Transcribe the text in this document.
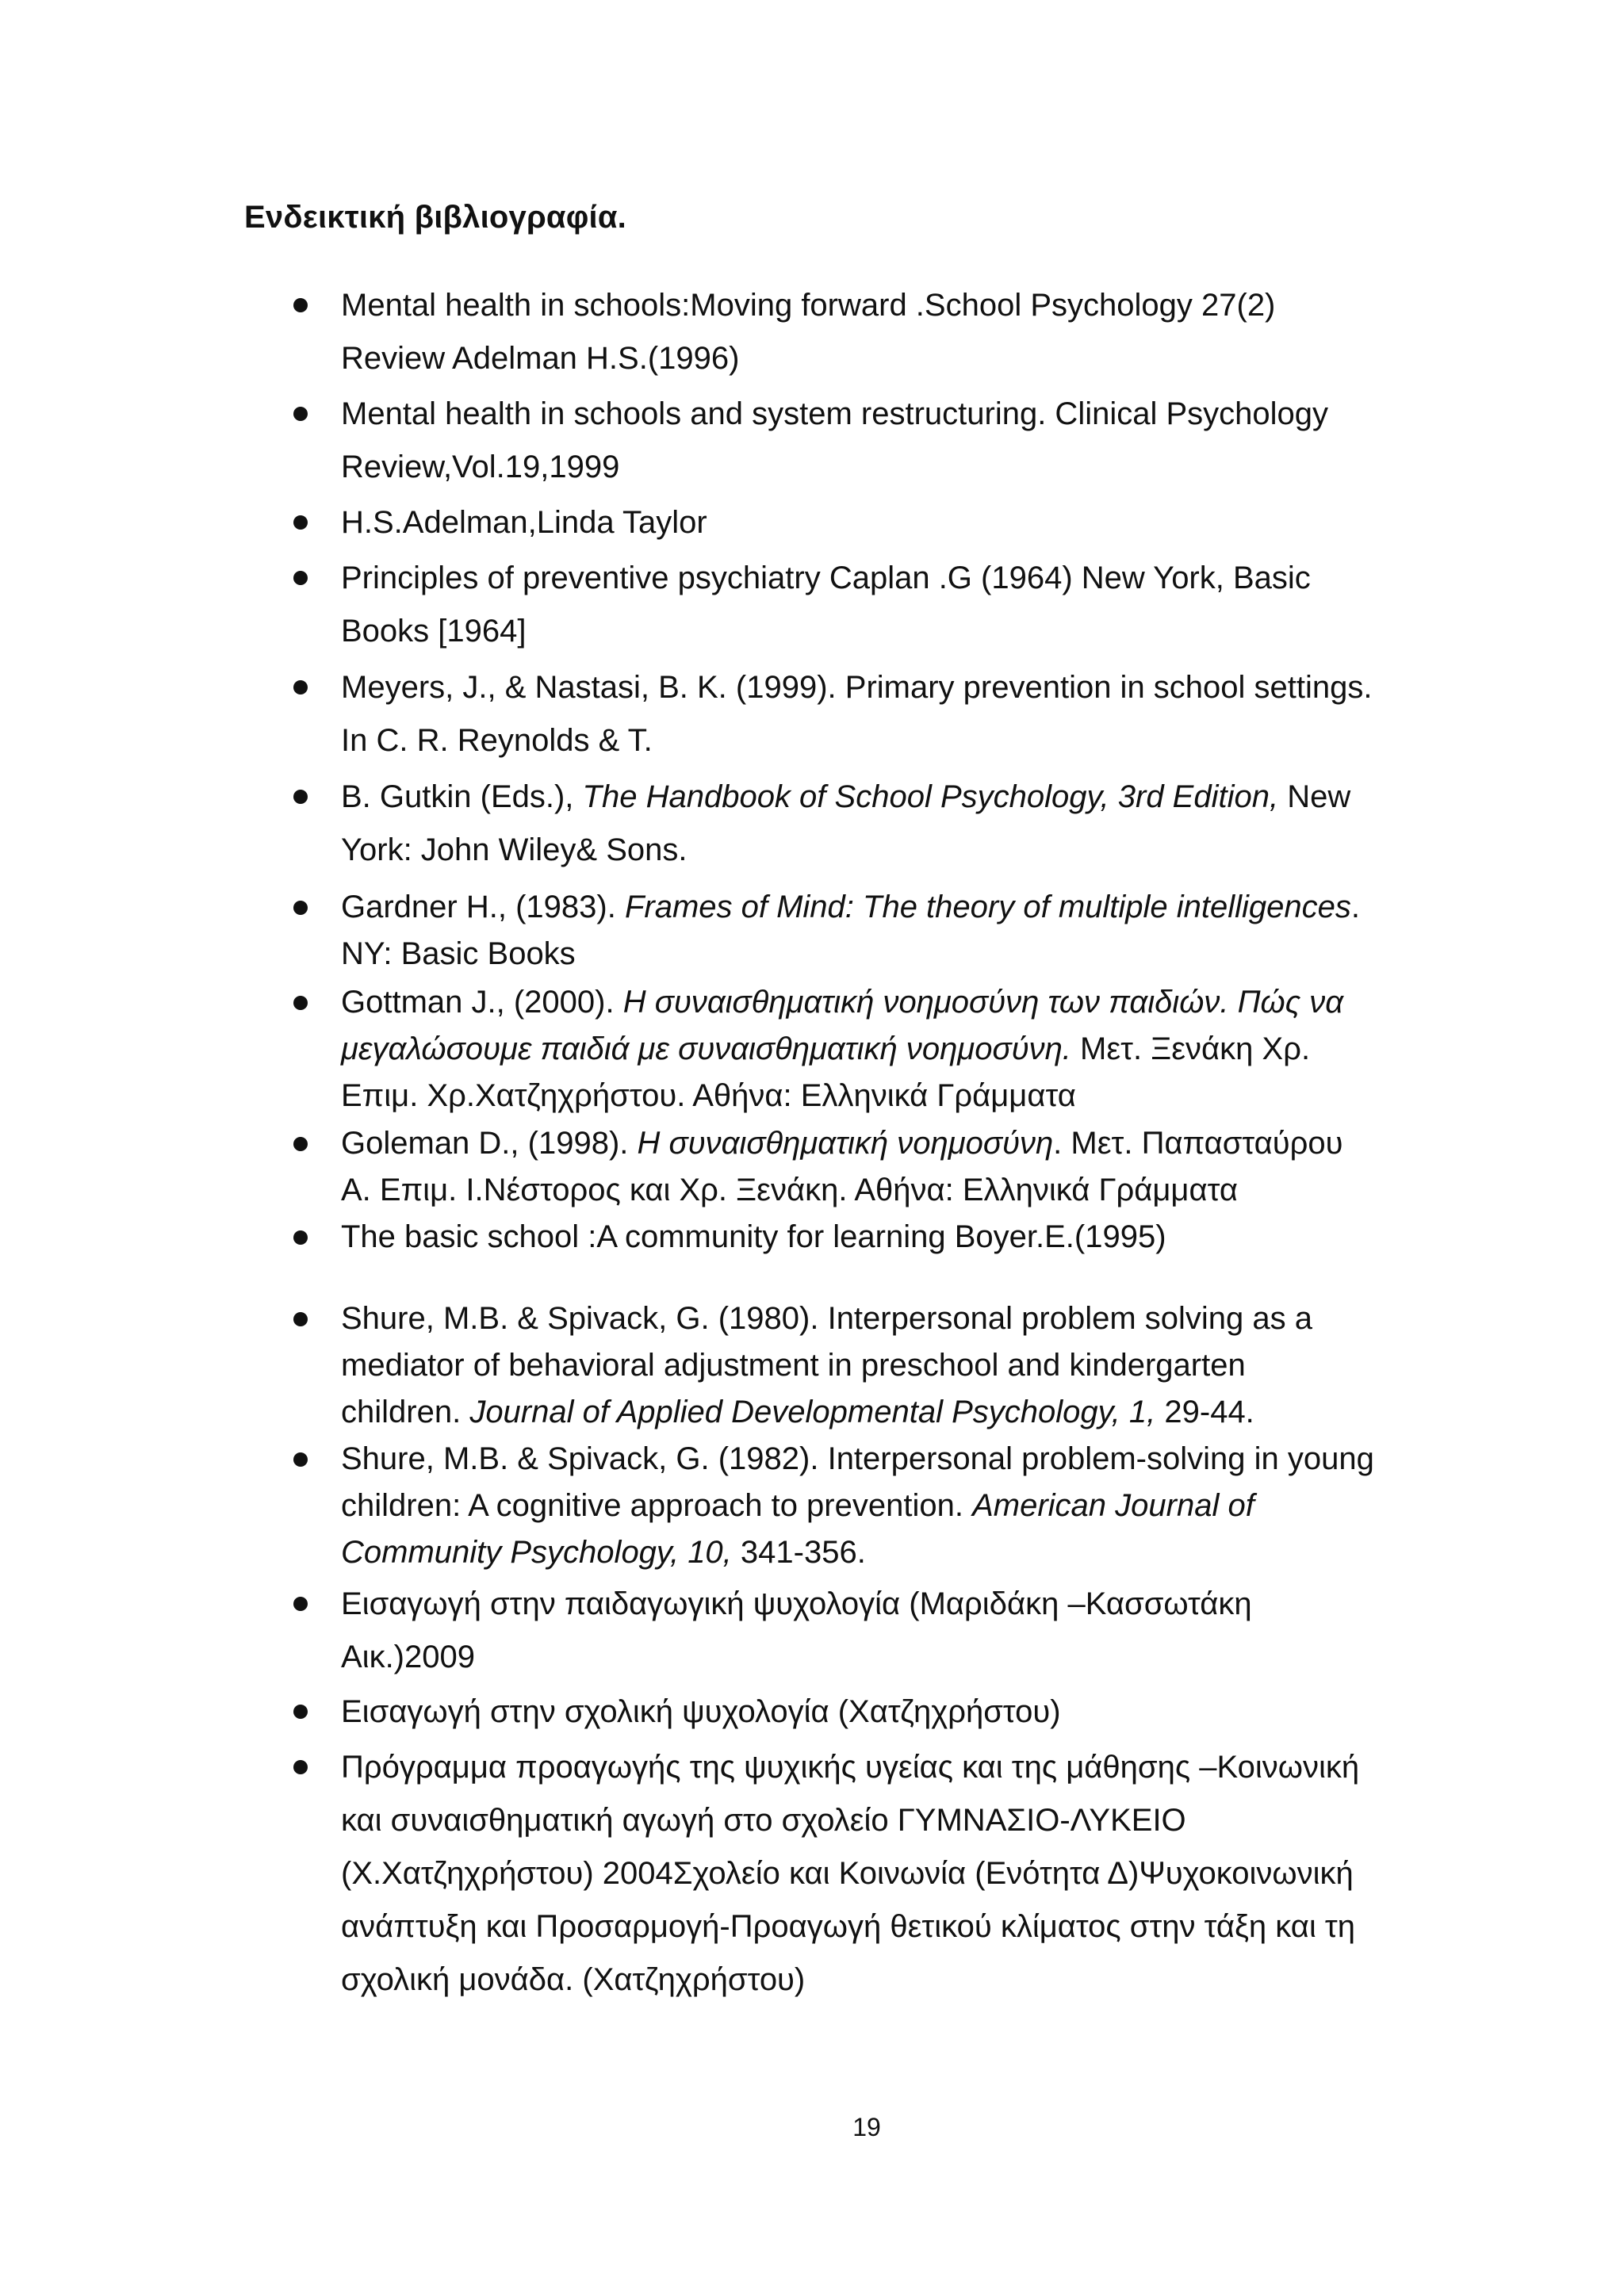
Ενδεικτική βιβλιογραφία.
Mental health in schools:Moving forward .School Psychology 27(2)
Review Adelman H.S.(1996)
Mental health in schools and system restructuring. Clinical Psychology
Review,Vol.19,1999
H.S.Adelman,Linda Taylor
Principles of preventive psychiatry Caplan .G (1964) New York, Basic
Books [1964]
Meyers, J., & Nastasi, B. K. (1999). Primary prevention in school settings.
In C. R. Reynolds & T.
B. Gutkin (Eds.), The Handbook of School Psychology, 3rd Edition, New
York: John Wiley& Sons.
Gardner H., (1983). Frames of Mind: The theory of multiple intelligences.
NY: Basic Books
Gottman J., (2000). Η συναισθηματική νοημοσύνη των παιδιών. Πώς να
μεγαλώσουμε παιδιά με συναισθηματική νοημοσύνη. Μετ. Ξενάκη Χρ.
Επιμ. Χρ.Χατζηχρήστου. Αθήνα: Ελληνικά Γράμματα
Goleman D., (1998). Η συναισθηματική νοημοσύνη. Μετ. Παπασταύρου
Α. Επιμ. Ι.Νέστορος και Χρ. Ξενάκη. Αθήνα: Ελληνικά Γράμματα
The basic school :A community for learning Boyer.E.(1995)
Shure, M.B. & Spivack, G. (1980). Interpersonal problem solving as a
mediator of behavioral adjustment in preschool and kindergarten
children. Journal of Applied Developmental Psychology, 1, 29-44.
Shure, M.B. & Spivack, G. (1982). Interpersonal problem-solving in young
children: A cognitive approach to prevention. American Journal of
Community Psychology, 10, 341-356.
Εισαγωγή στην παιδαγωγική ψυχολογία (Μαριδάκη –Κασσωτάκη
Αικ.)2009
Εισαγωγή στην σχολική ψυχολογία (Χατζηχρήστου)
Πρόγραμμα προαγωγής της ψυχικής υγείας και της μάθησης –Κοινωνική
και συναισθηματική αγωγή στο σχολείο ΓΥΜΝΑΣΙΟ-ΛΥΚΕΙΟ
(Χ.Χατζηχρήστου) 2004Σχολείο και Κοινωνία (Ενότητα Δ)Ψυχοκοινωνική
ανάπτυξη και Προσαρμογή-Προαγωγή θετικού κλίματος στην τάξη και τη
σχολική μονάδα. (Χατζηχρήστου)
19
